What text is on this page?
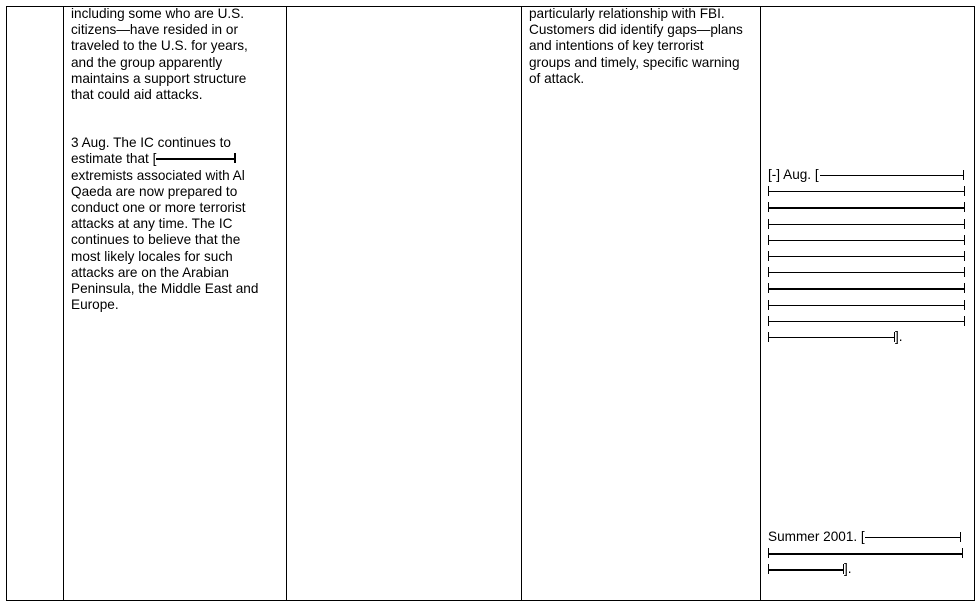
including some who are U.S.
citizens—have resided in or
traveled to the U.S. for years,
and the group apparently
maintains a support structure
that could aid attacks.

3 Aug. The IC continues to

estimate that [

extremists associated with Al
Qaeda are now prepared to
conduct one or more terrorist
attacks at any time. The IC
continues to believe that the
most likely locales for such
attacks are on the Arabian
Peninsula, the Middle East and
Europe.

particularly relationship with FBI.
Customers did identify gaps—plans
and intentions of key terrorist
groups and timely, specific warning
of attack.

[-] Aug. [
].
Summer 2001. [
].
